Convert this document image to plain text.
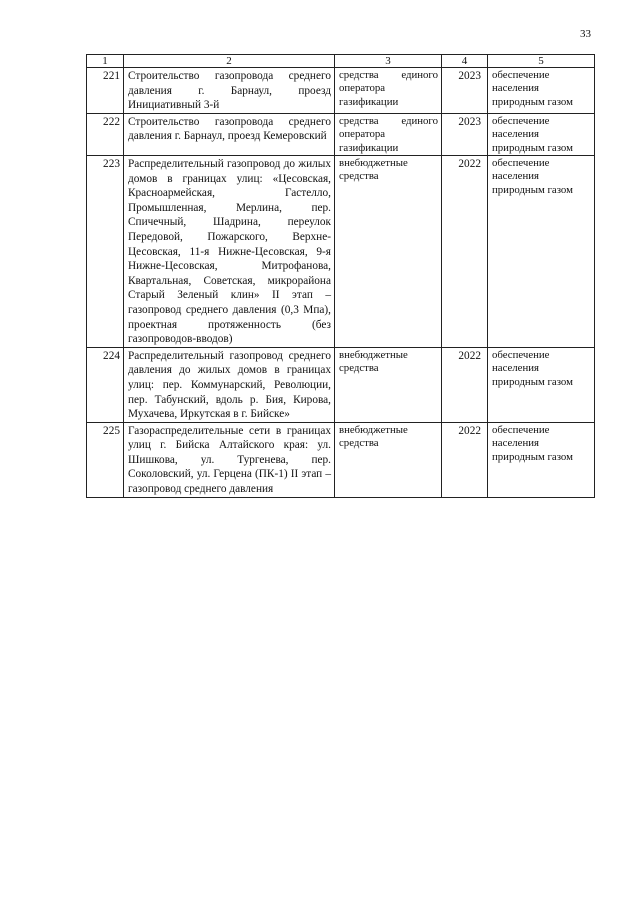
33
1	2	3	4	5
221	Строительство газопровода среднего давления г. Барнаул, проезд Инициативный 3-й	средства единого оператора газификации	2023	обеспечение населения природным газом
222	Строительство газопровода среднего давления г. Барнаул, проезд Кемеровский	средства единого оператора газификации	2023	обеспечение населения природным газом
223	Распределительный газопровод до жилых домов в границах улиц: «Цесовская, Красноармейская, Гастелло, Промышленная, Мерлина, пер. Спичечный, Шадрина, переулок Передовой, Пожарского, Верхне-Цесовская, 11-я Нижне-Цесовская, 9-я Нижне-Цесовская, Митрофанова, Квартальная, Советская, микрорайона Старый Зеленый клин» II этап – газопровод среднего давления (0,3 Мпа), проектная протяженность (без газопроводов-вводов)	внебюджетные средства	2022	обеспечение населения природным газом
224	Распределительный газопровод среднего давления до жилых домов в границах улиц: пер. Коммунарский, Революции, пер. Табунский, вдоль р. Бия, Кирова, Мухачева, Иркутская в г. Бийске»	внебюджетные средства	2022	обеспечение населения природным газом
225	Газораспределительные сети в границах улиц г. Бийска Алтайского края: ул. Шишкова, ул. Тургенева, пер. Соколовский, ул. Герцена (ПК-1) II этап – газопровод среднего давления	внебюджетные средства	2022	обеспечение населения природным газом
